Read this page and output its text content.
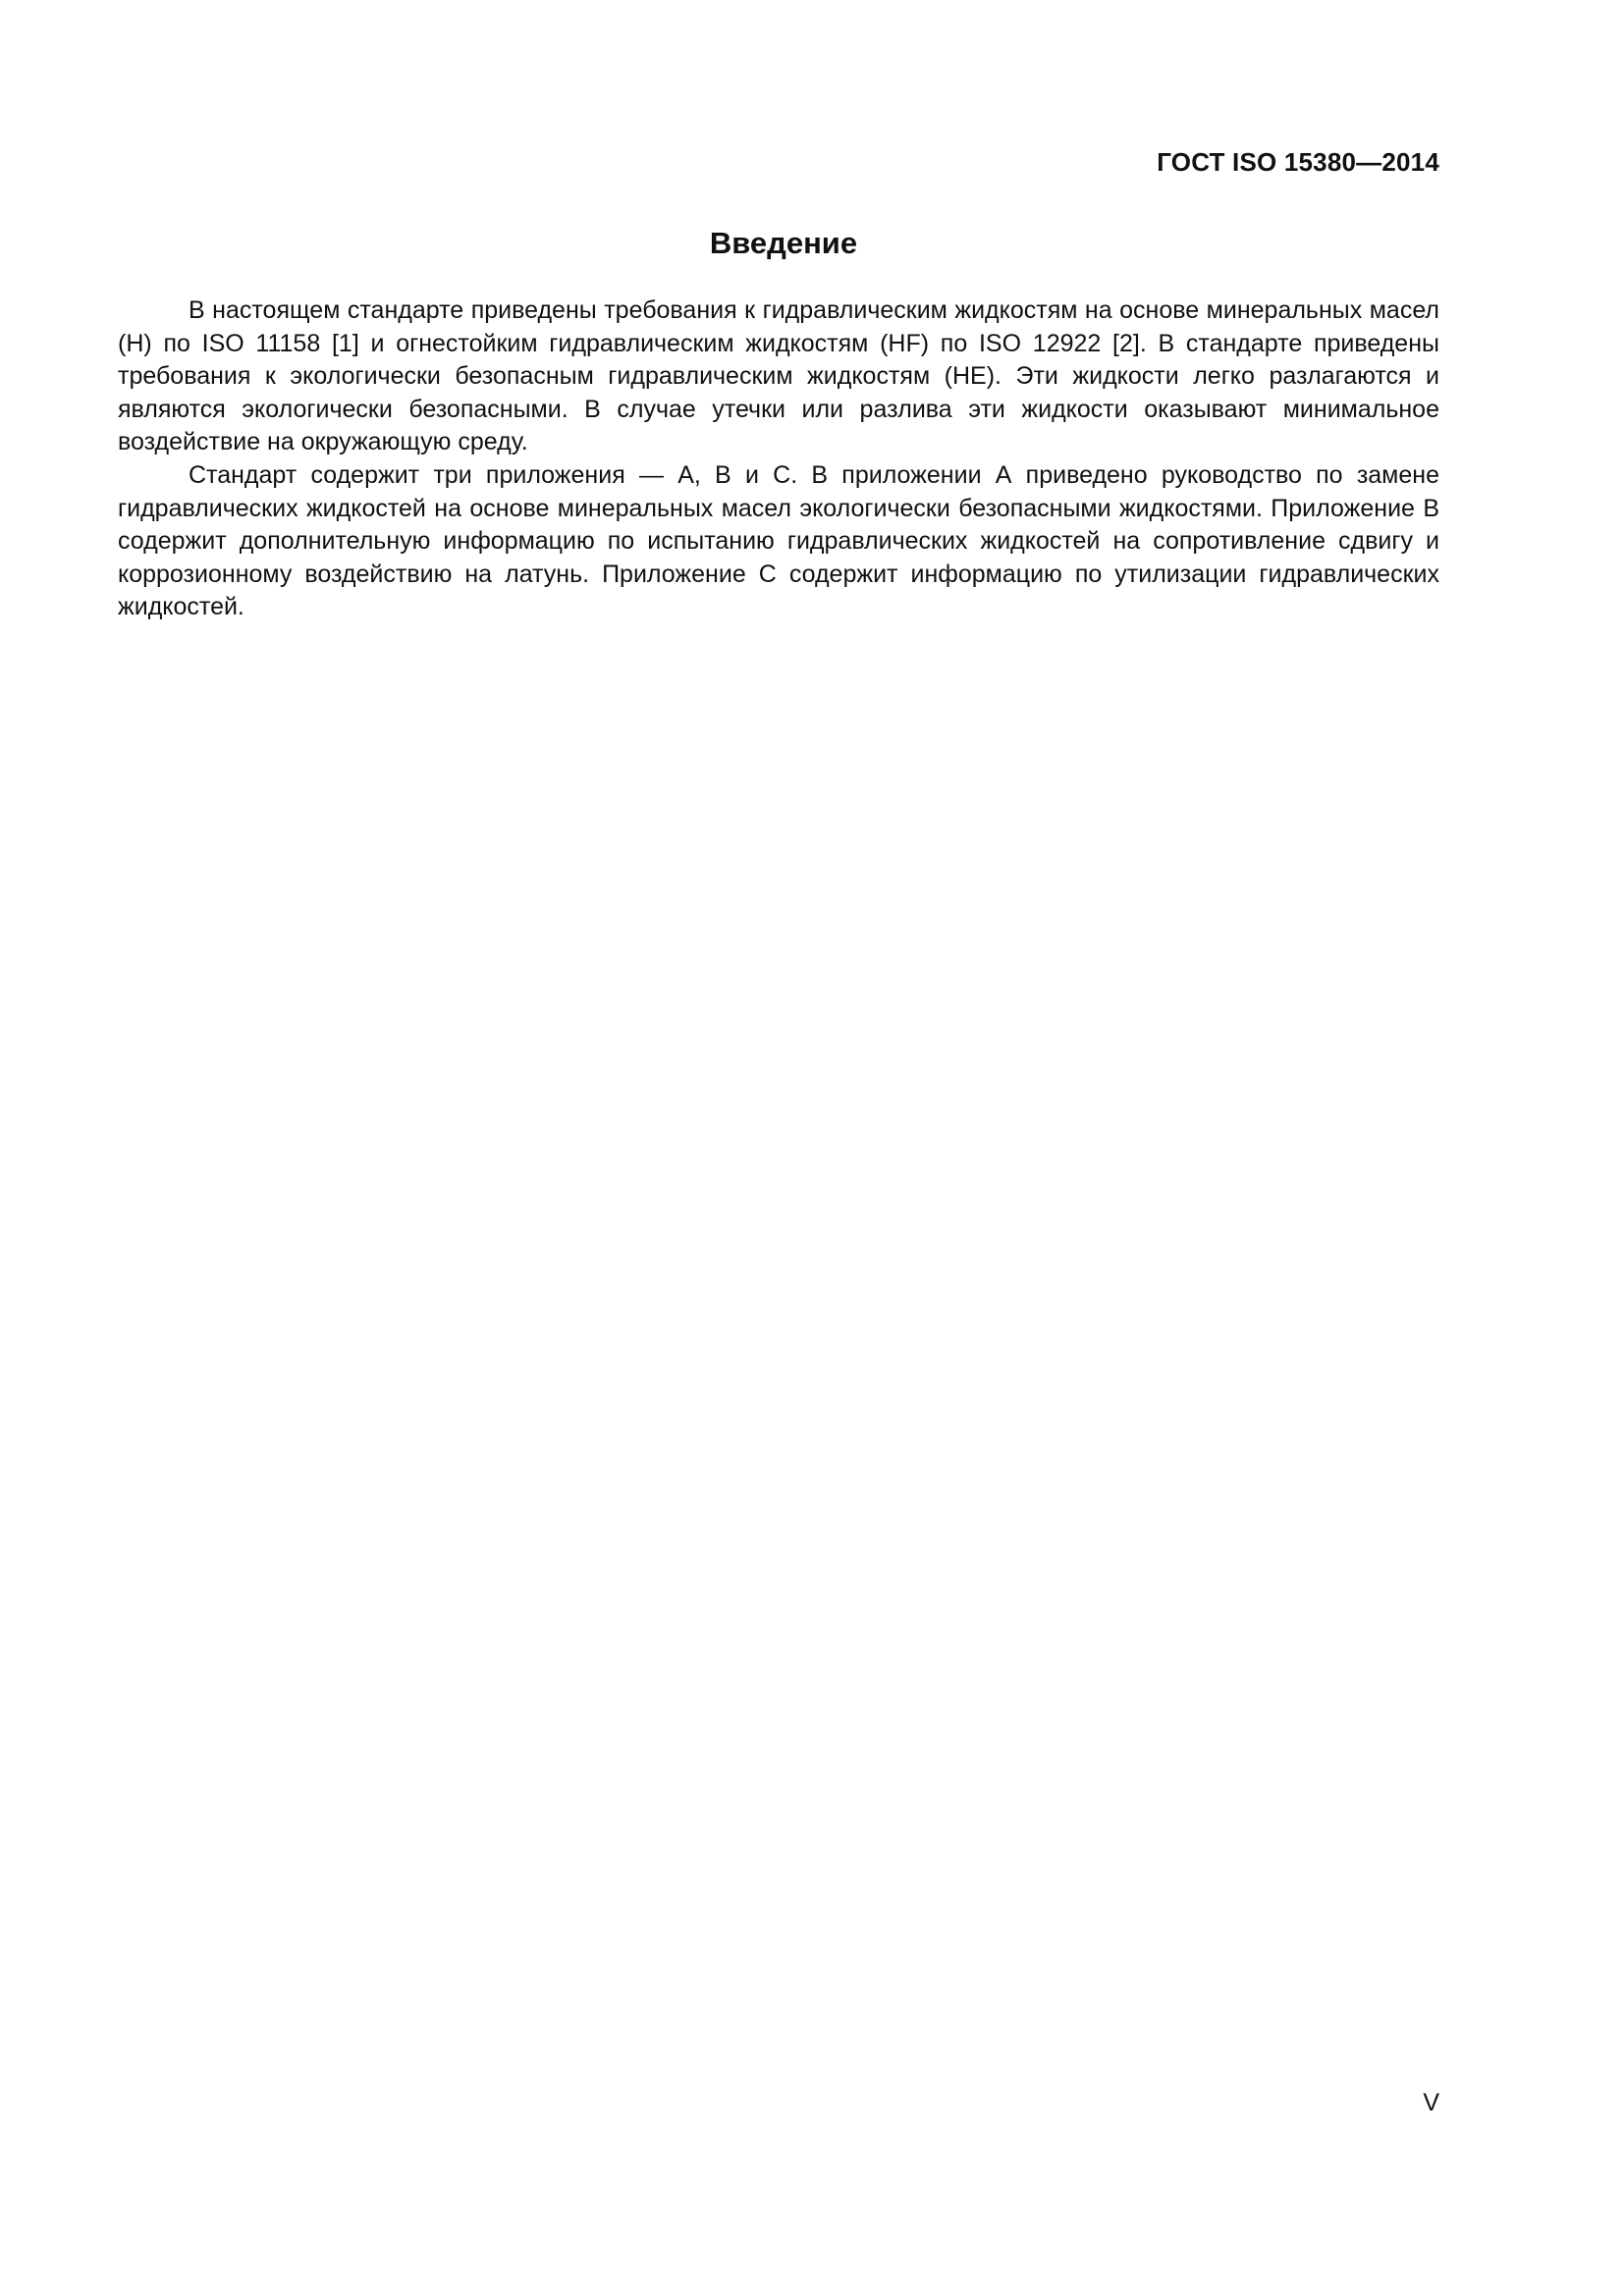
ГОСТ ISO 15380—2014
Введение

В настоящем стандарте приведены требования к гидравлическим жидкостям на основе минеральных масел (Н) по ISO 11158 [1] и огнестойким гидравлическим жидкостям (HF) по ISO 12922 [2]. В стандарте приведены требования к экологически безопасным гидравлическим жидкостям (НЕ). Эти жидкости легко разлагаются и являются экологически безопасными. В случае утечки или разлива эти жидкости оказывают минимальное воздействие на окружающую среду.

Стандарт содержит три приложения — А, В и С. В приложении А приведено руководство по замене гидравлических жидкостей на основе минеральных масел экологически безопасными жидкостями. Приложение В содержит дополнительную информацию по испытанию гидравлических жидкостей на сопротивление сдвигу и коррозионному воздействию на латунь. Приложение С содержит информацию по утилизации гидравлических жидкостей.

V
